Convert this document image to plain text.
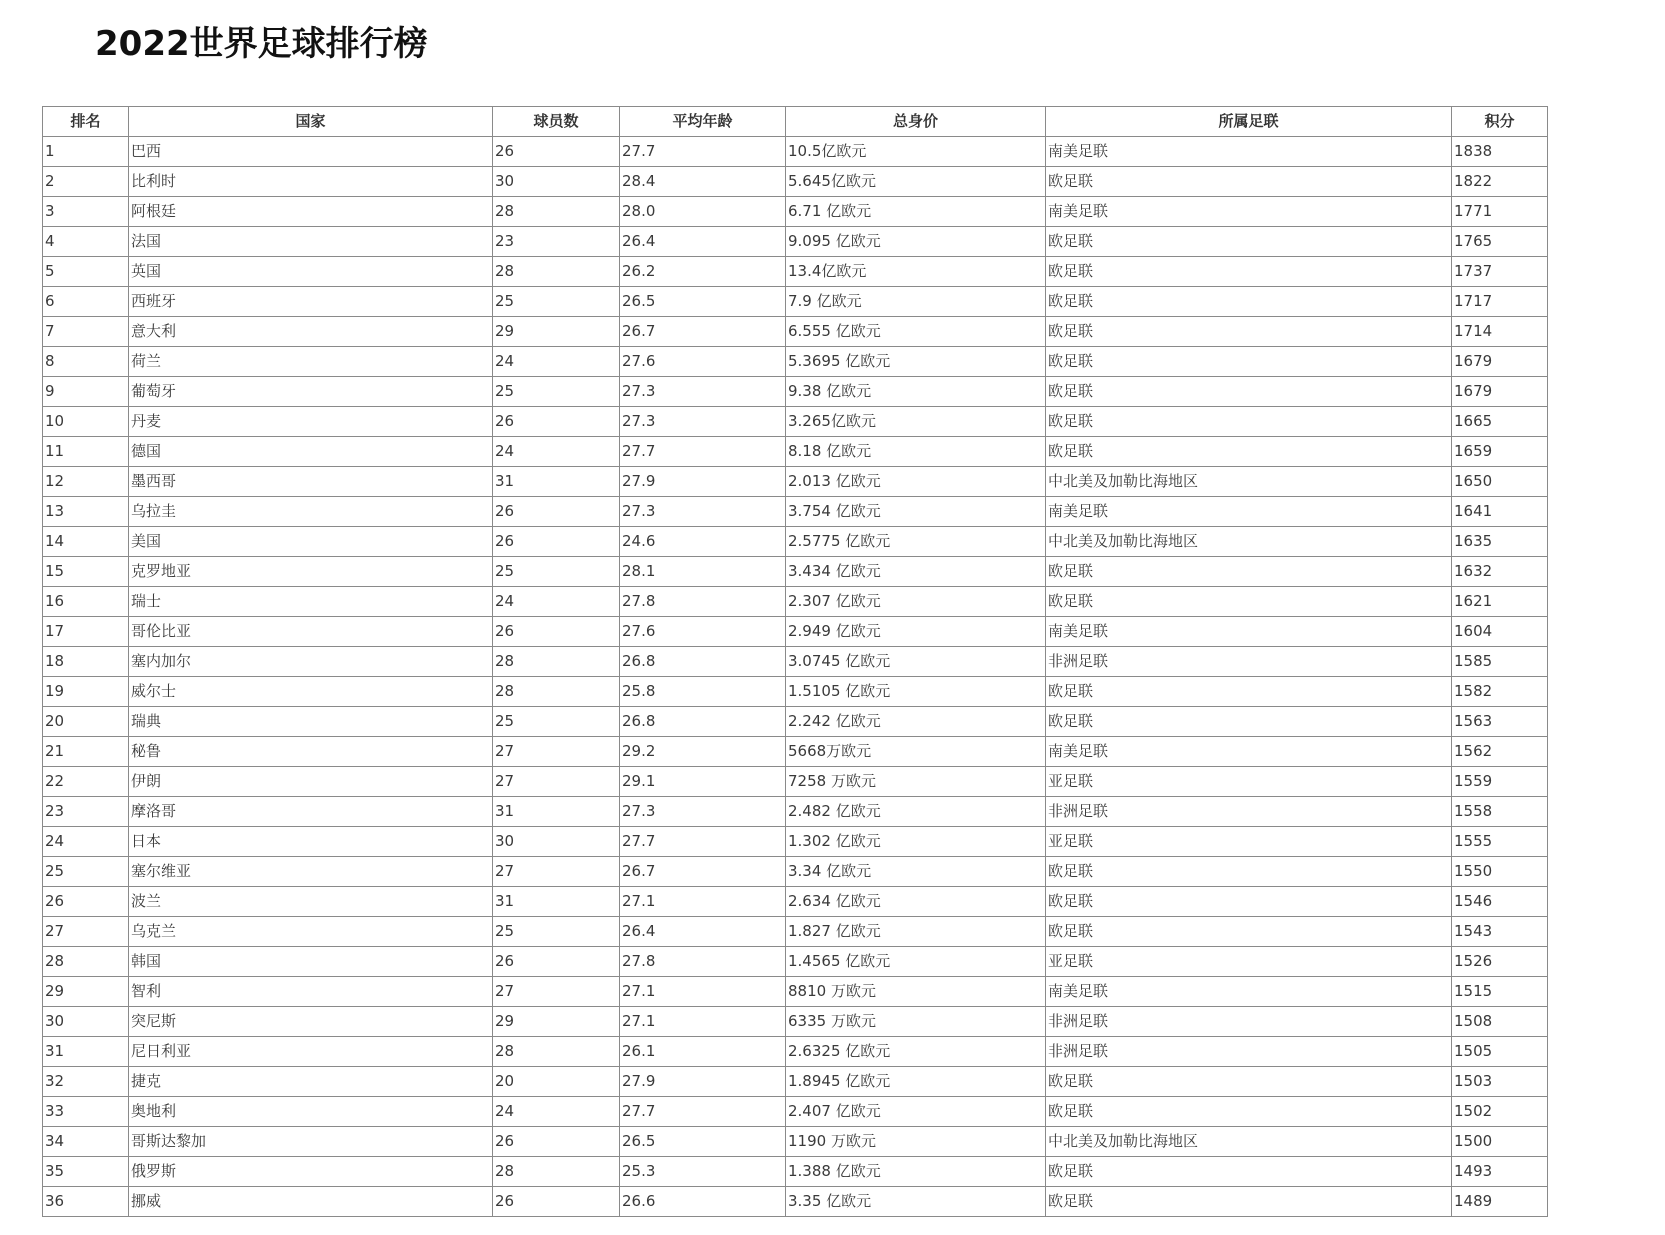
2022世界足球排行榜
排名	国家	球员数	平均年龄	总身价	所属足联	积分
1	巴西	26	27.7	10.5亿欧元	南美足联	1838
2	比利时	30	28.4	5.645亿欧元	欧足联	1822
3	阿根廷	28	28.0	6.71 亿欧元	南美足联	1771
4	法国	23	26.4	9.095 亿欧元	欧足联	1765
5	英国	28	26.2	13.4亿欧元	欧足联	1737
6	西班牙	25	26.5	7.9 亿欧元	欧足联	1717
7	意大利	29	26.7	6.555 亿欧元	欧足联	1714
8	荷兰	24	27.6	5.3695 亿欧元	欧足联	1679
9	葡萄牙	25	27.3	9.38 亿欧元	欧足联	1679
10	丹麦	26	27.3	3.265亿欧元	欧足联	1665
11	德国	24	27.7	8.18 亿欧元	欧足联	1659
12	墨西哥	31	27.9	2.013 亿欧元	中北美及加勒比海地区	1650
13	乌拉圭	26	27.3	3.754 亿欧元	南美足联	1641
14	美国	26	24.6	2.5775 亿欧元	中北美及加勒比海地区	1635
15	克罗地亚	25	28.1	3.434 亿欧元	欧足联	1632
16	瑞士	24	27.8	2.307 亿欧元	欧足联	1621
17	哥伦比亚	26	27.6	2.949 亿欧元	南美足联	1604
18	塞内加尔	28	26.8	3.0745 亿欧元	非洲足联	1585
19	威尔士	28	25.8	1.5105 亿欧元	欧足联	1582
20	瑞典	25	26.8	2.242 亿欧元	欧足联	1563
21	秘鲁	27	29.2	5668万欧元	南美足联	1562
22	伊朗	27	29.1	7258 万欧元	亚足联	1559
23	摩洛哥	31	27.3	2.482 亿欧元	非洲足联	1558
24	日本	30	27.7	1.302 亿欧元	亚足联	1555
25	塞尔维亚	27	26.7	3.34 亿欧元	欧足联	1550
26	波兰	31	27.1	2.634 亿欧元	欧足联	1546
27	乌克兰	25	26.4	1.827 亿欧元	欧足联	1543
28	韩国	26	27.8	1.4565 亿欧元	亚足联	1526
29	智利	27	27.1	8810 万欧元	南美足联	1515
30	突尼斯	29	27.1	6335 万欧元	非洲足联	1508
31	尼日利亚	28	26.1	2.6325 亿欧元	非洲足联	1505
32	捷克	20	27.9	1.8945 亿欧元	欧足联	1503
33	奥地利	24	27.7	2.407 亿欧元	欧足联	1502
34	哥斯达黎加	26	26.5	1190 万欧元	中北美及加勒比海地区	1500
35	俄罗斯	28	25.3	1.388 亿欧元	欧足联	1493
36	挪威	26	26.6	3.35 亿欧元	欧足联	1489
